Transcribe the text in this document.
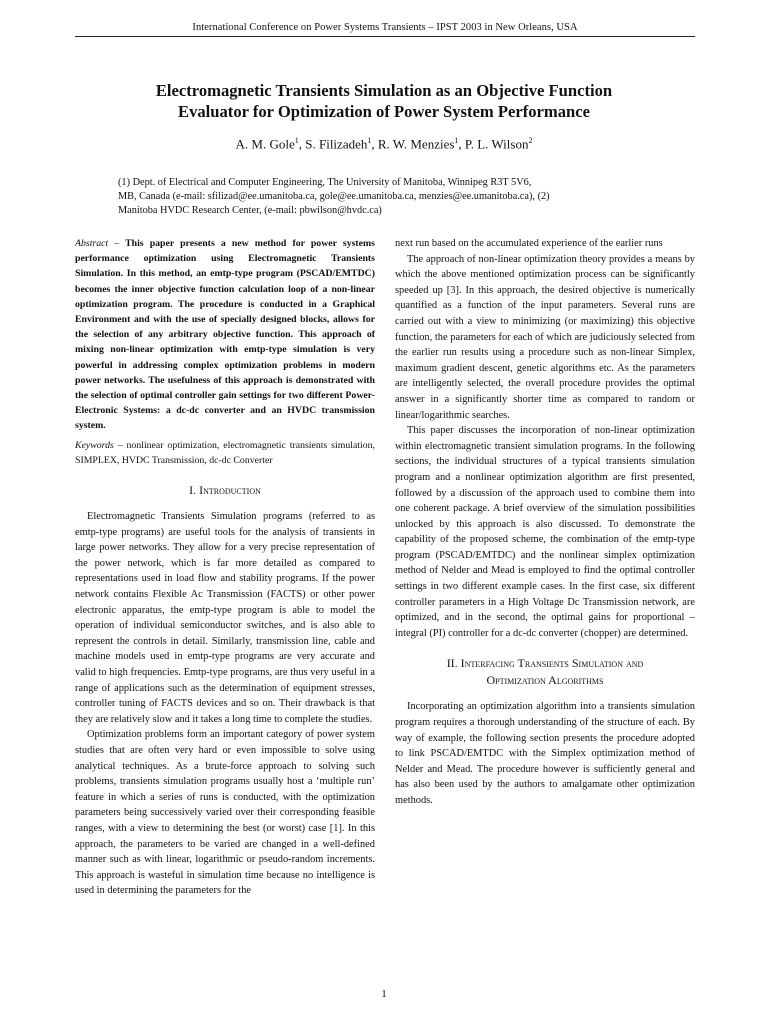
International Conference on Power Systems Transients – IPST 2003 in New Orleans, USA
Electromagnetic Transients Simulation as an Objective Function
Evaluator for Optimization of Power System Performance
A. M. Gole$^1$, S. Filizadeh$^1$, R. W. Menzies$^1$, P. L. Wilson$^2$
(1) Dept. of Electrical and Computer Engineering, The University of Manitoba, Winnipeg R3T 5V6,
MB, Canada (e-mail: sfilizad@ee.umanitoba.ca, gole@ee.umanitoba.ca, menzies@ee.umanitoba.ca), (2)
Manitoba HVDC Research Center, (e-mail: pbwilson@hvdc.ca)

Abstract – This paper presents a new method for power systems performance optimization using Electromagnetic Transients Simulation. In this method, an emtp-type program (PSCAD/EMTDC) becomes the inner objective function calculation loop of a non-linear optimization program. The procedure is conducted in a Graphical Environment and with the use of specially designed blocks, allows for the selection of any arbitrary objective function. This approach of mixing non-linear optimization with emtp-type simulation is very powerful in addressing complex optimization problems in modern power networks. The usefulness of this approach is demonstrated with the selection of optimal controller gain settings for two different Power-Electronic Systems: a dc-dc converter and an HVDC transmission system.

Keywords – nonlinear optimization, electromagnetic transients simulation, SIMPLEX, HVDC Transmission, dc-dc Converter

I. Introduction

Electromagnetic Transients Simulation programs (referred to as emtp-type programs) are useful tools for the analysis of transients in large power networks. They allow for a very precise representation of the power network, which is far more detailed as compared to representations used in load flow and stability programs. If the power network contains Flexible Ac Transmission (FACTS) or other power electronic apparatus, the emtp-type program is able to model the operation of individual semiconductor switches, and is also able to represent the controls in detail. Similarly, transmission line, cable and machine models used in emtp-type programs are very accurate and valid to high frequencies. Emtp-type programs, are thus very useful in a range of applications such as the determination of equipment stresses, controller tuning of FACTS devices and so on. Their drawback is that they are relatively slow and it takes a long time to complete the studies.

Optimization problems form an important category of power system studies that are often very hard or even impossible to solve using analytical techniques. As a brute-force approach to solving such problems, transients simulation programs usually host a ‘multiple run’ feature in which a series of runs is conducted, with the optimization parameters being successively varied over their corresponding feasible ranges, with a view to determining the best (or worst) case [1]. In this approach, the parameters to be varied are changed in a well-defined manner such as with linear, logarithmic or pseudo-random increments. This approach is wasteful in simulation time because no intelligence is used in determining the parameters for the

next run based on the accumulated experience of the earlier runs

The approach of non-linear optimization theory provides a means by which the above mentioned optimization process can be significantly speeded up [3]. In this approach, the desired objective is numerically quantified as a function of the input parameters. Several runs are carried out with a view to minimizing (or maximizing) this objective function, the parameters for each of which are judiciously selected from the earlier run results using a procedure such as non-linear Simplex, maximum gradient descent, genetic algorithms etc. As the parameters are intelligently selected, the overall procedure provides the optimal answer in a significantly shorter time as compared to random or linear/logarithmic searches.

This paper discusses the incorporation of non-linear optimization within electromagnetic transient simulation programs. In the following sections, the individual structures of a typical transients simulation program and a nonlinear optimization algorithm are first presented, followed by a discussion of the approach used to combine them into one coherent package. A brief overview of the simulation possibilities unlocked by this approach is also discussed. To demonstrate the capability of the proposed scheme, the combination of the emtp-type program (PSCAD/EMTDC) and the nonlinear simplex optimization method of Nelder and Mead is employed to find the optimal controller settings in two different example cases. In the first case, six different controller parameters in a High Voltage Dc Transmission network, are optimized, and in the second, the optimal gains for proportional –integral (PI) controller for a dc-dc converter (chopper) are determined.

II. Interfacing Transients Simulation and
Optimization Algorithms

Incorporating an optimization algorithm into a transients simulation program requires a thorough understanding of the structure of each. By way of example, the following section presents the procedure adopted to link PSCAD/EMTDC with the Simplex optimization method of Nelder and Mead. The procedure however is sufficiently general and has also been used by the authors to amalgamate other optimization methods.

1
